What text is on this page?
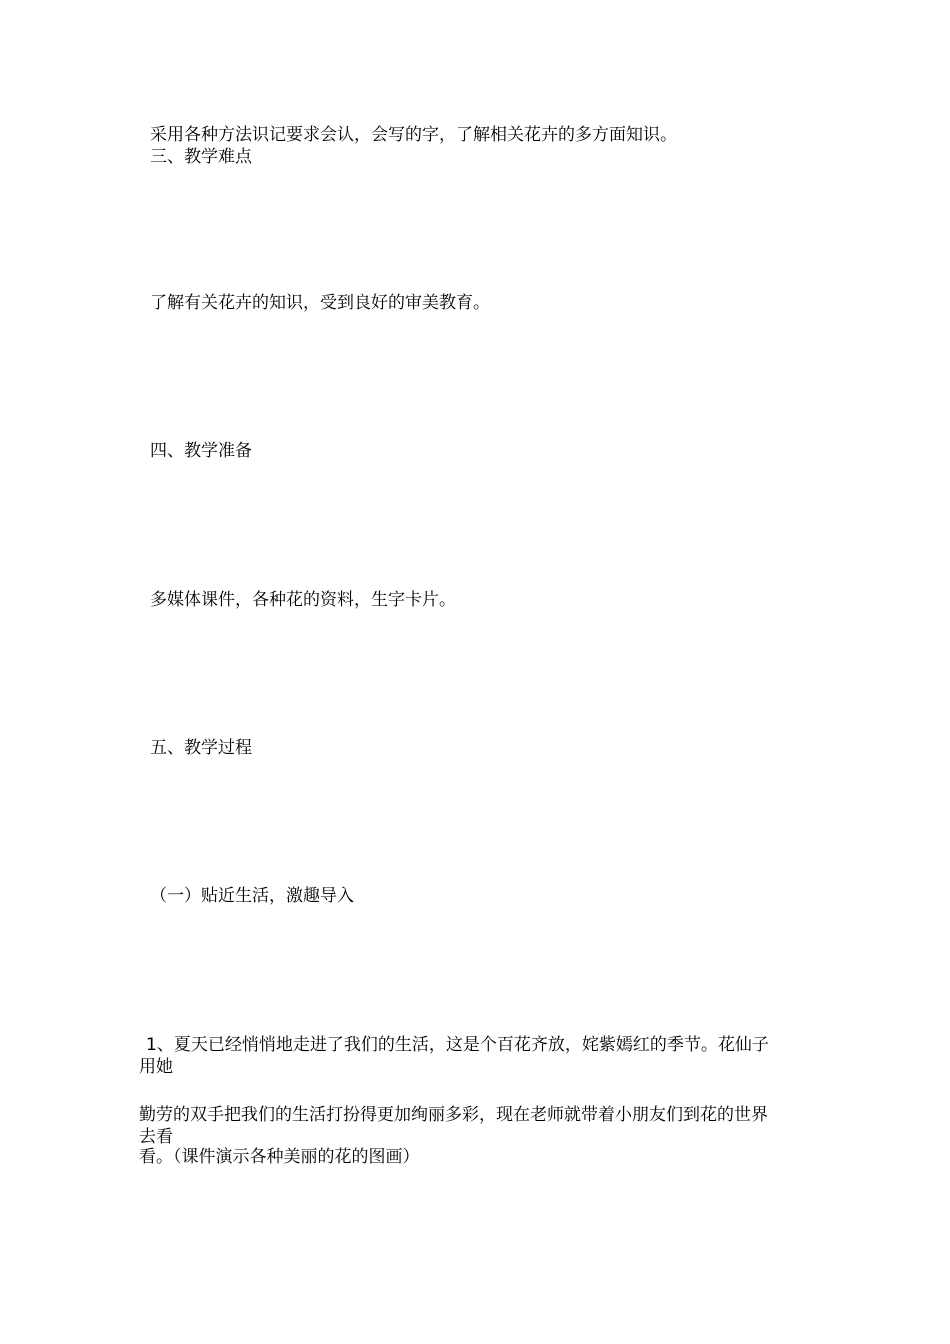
采用各种方法识记要求会认，会写的字，了解相关花卉的多方面知识。

三、教学难点

了解有关花卉的知识，受到良好的审美教育。

四、教学准备

多媒体课件，各种花的资料，生字卡片。

五、教学过程

（一）贴近生活，激趣导入

1、夏天已经悄悄地走进了我们的生活，这是个百花齐放，姹紫嫣红的季节。花仙子

用她

勤劳的双手把我们的生活打扮得更加绚丽多彩，现在老师就带着小朋友们到花的世界

去看

看。（课件演示各种美丽的花的图画）
